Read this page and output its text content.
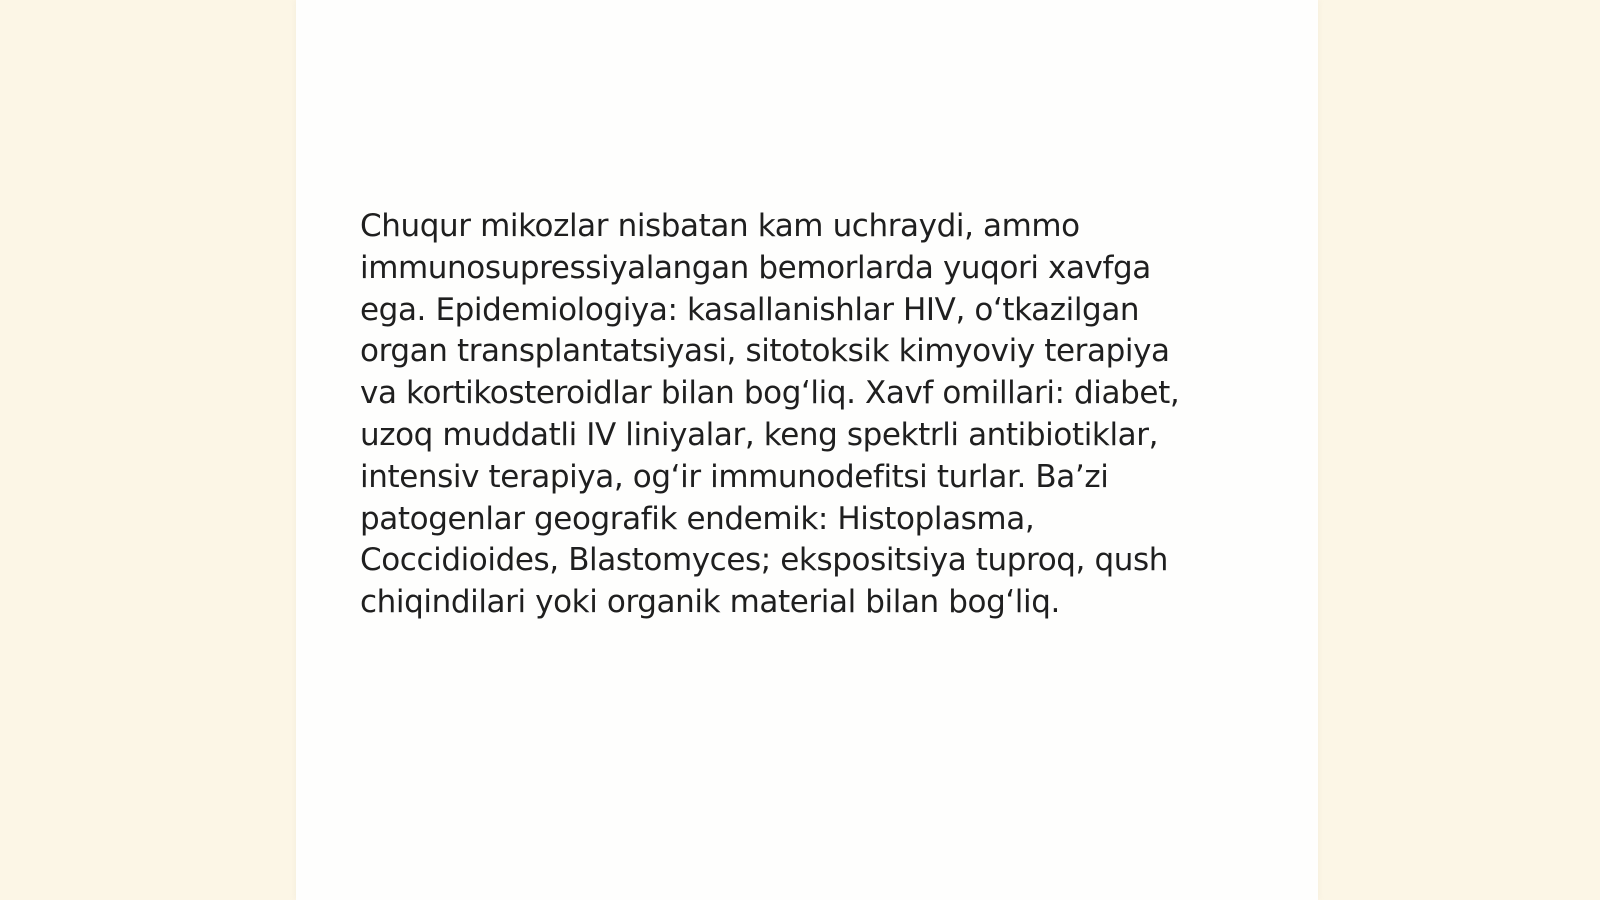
Chuqur mikozlar nisbatan kam uchraydi, ammo
immunosupressiyalangan bemorlarda yuqori xavfga
ega. Epidemiologiya: kasallanishlar HIV, o‘tkazilgan
organ transplantatsiyasi, sitotoksik kimyoviy terapiya
va kortikosteroidlar bilan bog‘liq. Xavf omillari: diabet,
uzoq muddatli IV liniyalar, keng spektrli antibiotiklar,
intensiv terapiya, og‘ir immunodefitsi turlar. Ba’zi
patogenlar geografik endemik: Histoplasma,
Coccidioides, Blastomyces; ekspositsiya tuproq, qush
chiqindilari yoki organik material bilan bog‘liq.
